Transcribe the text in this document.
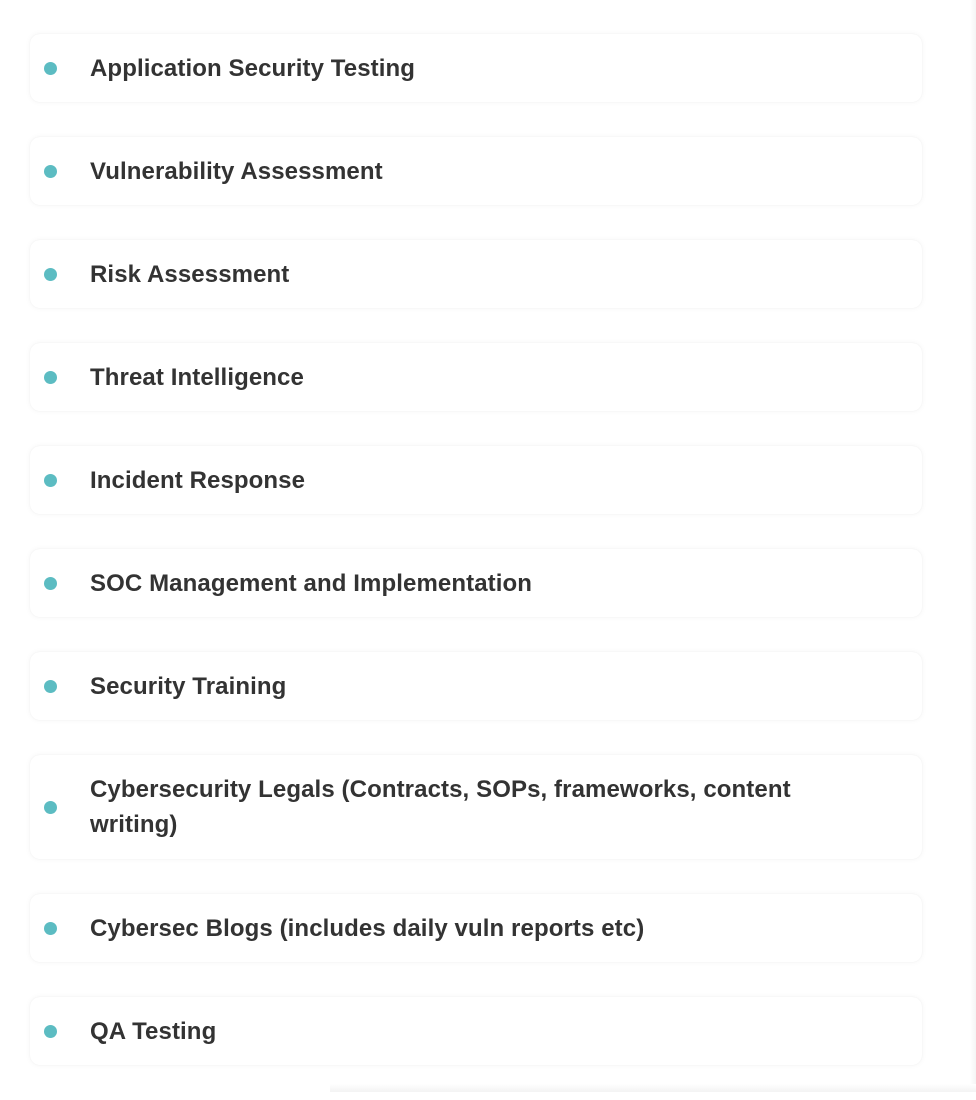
Application Security Testing
Vulnerability Assessment
Risk Assessment
Threat Intelligence
Incident Response
SOC Management and Implementation
Security Training
Cybersecurity Legals (Contracts, SOPs, frameworks, content writing)
Cybersec Blogs (includes daily vuln reports etc)
QA Testing
